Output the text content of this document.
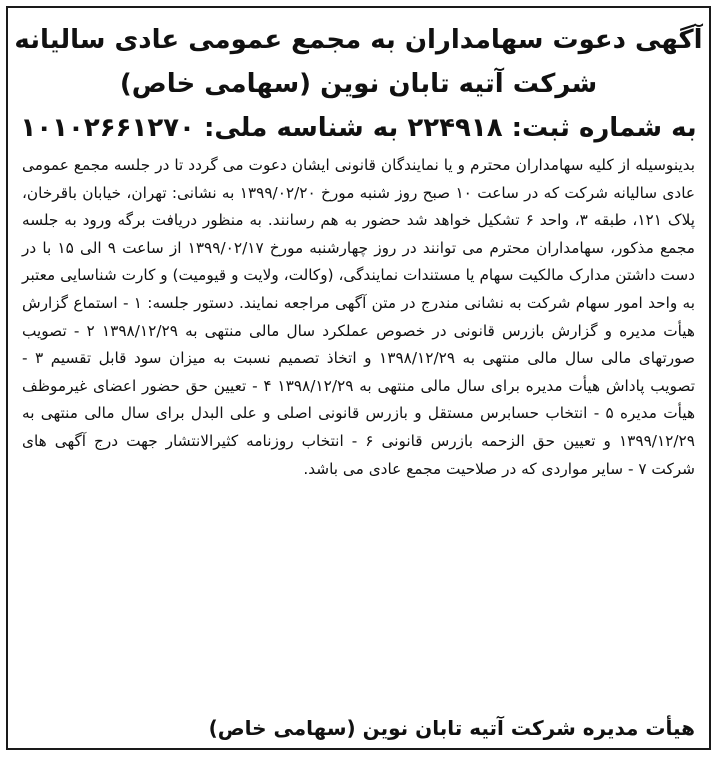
آگهی دعوت سهامداران به مجمع عمومی عادی سالیانه
شرکت آتیه تابان نوین (سهامی خاص)
به شماره ثبت: ۲۲۴۹۱۸ به شناسه ملی: ۱۰۱۰۲۶۶۱۲۷۰

بدینوسیله از کلیه سهامداران محترم و یا نمایندگان قانونی ایشان دعوت می گردد تا در جلسه مجمع عمومی عادی سالیانه شرکت که در ساعت ۱۰ صبح روز شنبه مورخ ۱۳۹۹/۰۲/۲۰ به نشانی: تهران، خیابان باقرخان، پلاک ۱۲۱، طبقه ۳، واحد ۶ تشکیل خواهد شد حضور به هم رسانند. به منظور دریافت برگه ورود به جلسه مجمع مذکور، سهامداران محترم می توانند در روز چهارشنبه مورخ ۱۳۹۹/۰۲/۱۷ از ساعت ۹ الی ۱۵ با در دست داشتن مدارک مالکیت سهام یا مستندات نمایندگی، (وکالت، ولایت و قیومیت) و کارت شناسایی معتبر به واحد امور سهام شرکت به نشانی مندرج در متن آگهی مراجعه نمایند. دستور جلسه: ۱ - استماع گزارش هیأت مدیره و گزارش بازرس قانونی در خصوص عملکرد سال مالی منتهی به ۱۳۹۸/۱۲/۲۹ ۲ - تصویب صورتهای مالی سال مالی منتهی به ۱۳۹۸/۱۲/۲۹ و اتخاذ تصمیم نسبت به میزان سود قابل تقسیم ۳ - تصویب پاداش هیأت مدیره برای سال مالی منتهی به ۱۳۹۸/۱۲/۲۹ ۴ - تعیین حق حضور اعضای غیرموظف هیأت مدیره ۵ - انتخاب حسابرس مستقل و بازرس قانونی اصلی و علی البدل برای سال مالی منتهی به ۱۳۹۹/۱۲/۲۹ و تعیین حق الزحمه بازرس قانونی ۶ - انتخاب روزنامه کثیرالانتشار جهت درج آگهی های شرکت ۷ - سایر مواردی که در صلاحیت مجمع عادی می باشد.

هیأت مدیره شرکت آتیه تابان نوین (سهامی خاص)
